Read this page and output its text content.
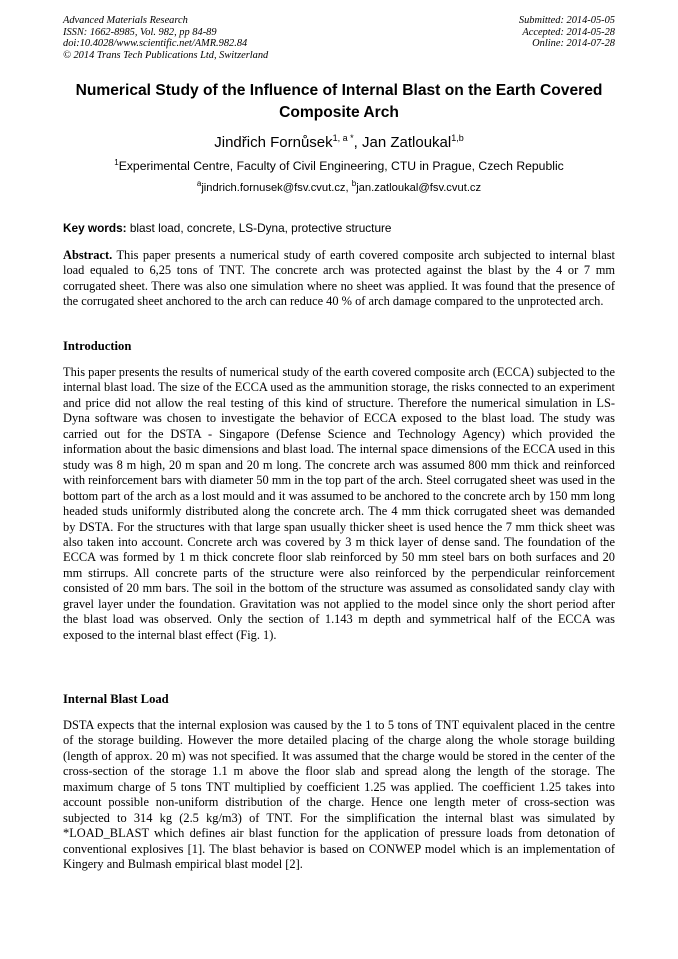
Advanced Materials Research
ISSN: 1662-8985, Vol. 982, pp 84-89
doi:10.4028/www.scientific.net/AMR.982.84
© 2014 Trans Tech Publications Ltd, Switzerland
Submitted: 2014-05-05
Accepted: 2014-05-28
Online: 2014-07-28
Numerical Study of the Influence of Internal Blast on the Earth Covered Composite Arch
Jindřich Fornůsek$^{1, a *}$, Jan Zatloukal$^{1,b}$
$^1$Experimental Centre, Faculty of Civil Engineering, CTU in Prague, Czech Republic
$^a$jindrich.fornusek@fsv.cvut.cz, $^b$jan.zatloukal@fsv.cvut.cz
Key words: blast load, concrete, LS-Dyna, protective structure
Abstract. This paper presents a numerical study of earth covered composite arch subjected to internal blast load equaled to 6,25 tons of TNT. The concrete arch was protected against the blast by the 4 or 7 mm corrugated sheet. There was also one simulation where no sheet was applied. It was found that the presence of the corrugated sheet anchored to the arch can reduce 40 % of arch damage compared to the unprotected arch.
Introduction
This paper presents the results of numerical study of the earth covered composite arch (ECCA) subjected to the internal blast load. The size of the ECCA used as the ammunition storage, the risks connected to an experiment and price did not allow the real testing of this kind of structure. Therefore the numerical simulation in LS-Dyna software was chosen to investigate the behavior of ECCA exposed to the blast load. The study was carried out for the DSTA - Singapore (Defense Science and Technology Agency) which provided the information about the basic dimensions and blast load. The internal space dimensions of the ECCA used in this study was 8 m high, 20 m span and 20 m long. The concrete arch was assumed 800 mm thick and reinforced with reinforcement bars with diameter 50 mm in the top part of the arch. Steel corrugated sheet was used in the bottom part of the arch as a lost mould and it was assumed to be anchored to the concrete arch by 150 mm long headed studs uniformly distributed along the concrete arch. The 4 mm thick corrugated sheet was demanded by DSTA. For the structures with that large span usually thicker sheet is used hence the 7 mm thick sheet was also taken into account. Concrete arch was covered by 3 m thick layer of dense sand. The foundation of the ECCA was formed by 1 m thick concrete floor slab reinforced by 50 mm steel bars on both surfaces and 20 mm stirrups. All concrete parts of the structure were also reinforced by the perpendicular reinforcement consisted of 20 mm bars. The soil in the bottom of the structure was assumed as consolidated sandy clay with gravel layer under the foundation. Gravitation was not applied to the model since only the short period after the blast load was observed. Only the section of 1.143 m depth and symmetrical half of the ECCA was exposed to the internal blast effect (Fig. 1).
Internal Blast Load
DSTA expects that the internal explosion was caused by the 1 to 5 tons of TNT equivalent placed in the centre of the storage building. However the more detailed placing of the charge along the whole storage building (length of approx. 20 m) was not specified. It was assumed that the charge would be stored in the center of the cross-section of the storage 1.1 m above the floor slab and spread along the length of the storage. The maximum charge of 5 tons TNT multiplied by coefficient 1.25 was applied. The coefficient 1.25 takes into account possible non-uniform distribution of the charge. Hence one length meter of cross-section was subjected to 314 kg (2.5 kg/m3) of TNT. For the simplification the internal blast was simulated by *LOAD_BLAST which defines air blast function for the application of pressure loads from detonation of conventional explosives [1]. The blast behavior is based on CONWEP model which is an implementation of Kingery and Bulmash empirical blast model [2].
